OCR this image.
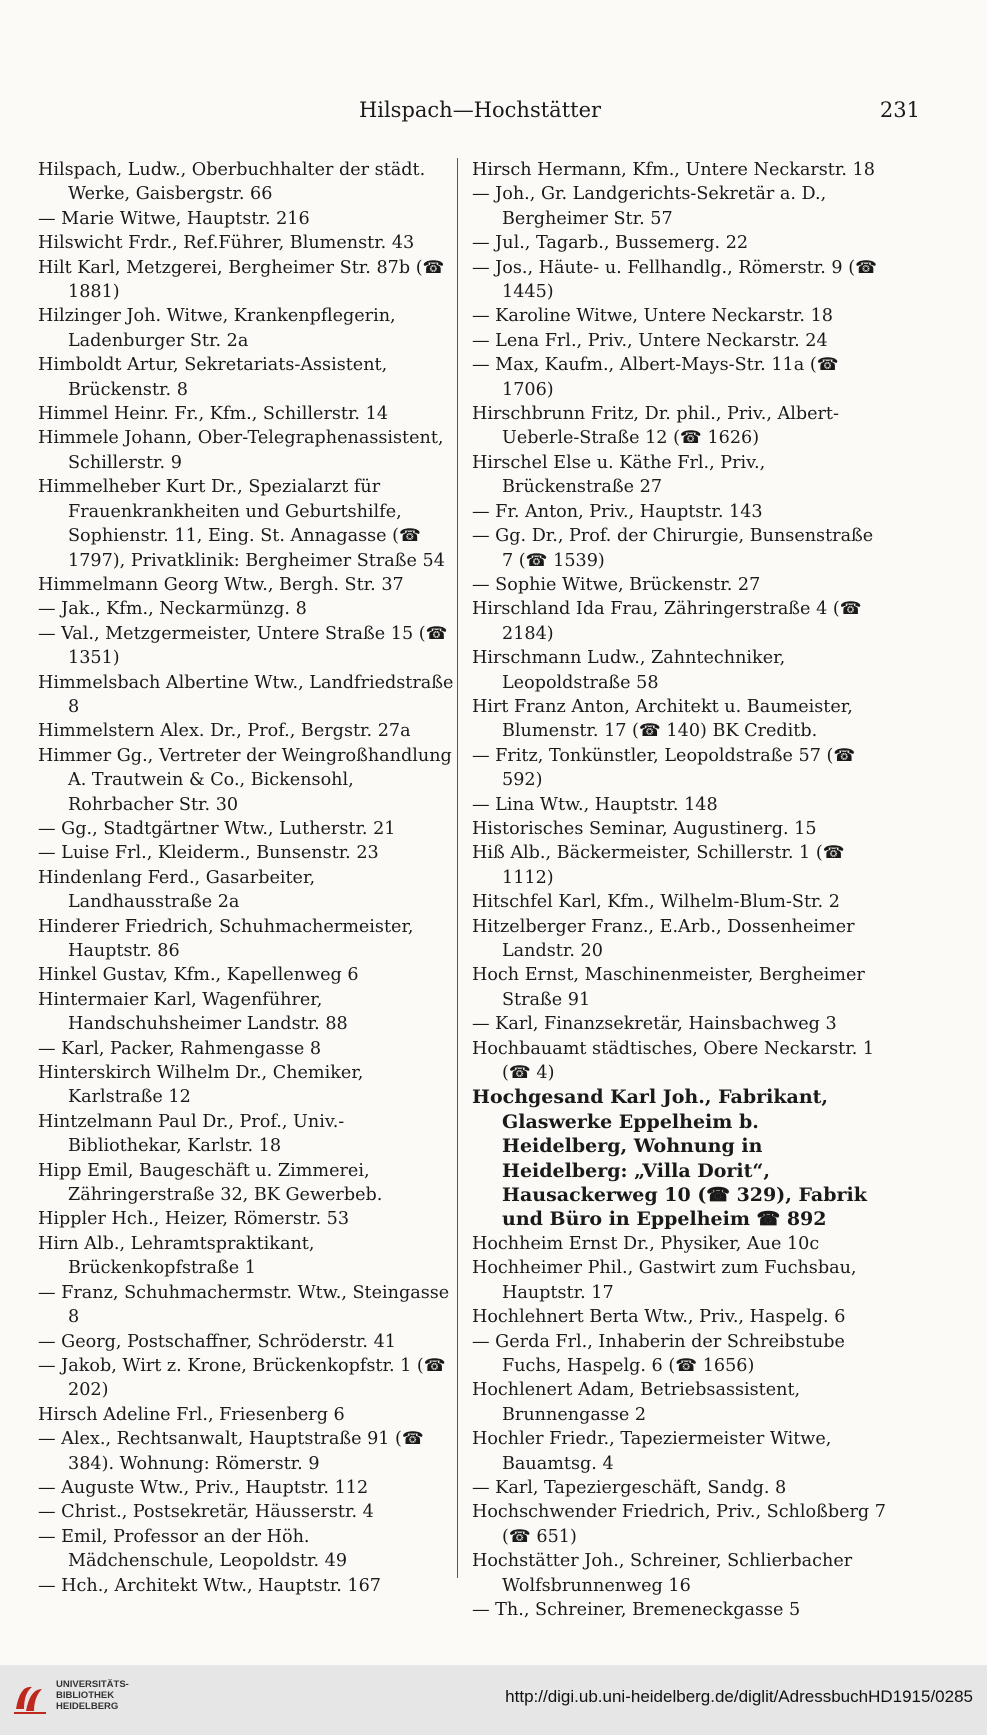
Hilspach—Hochstätter	231

Hilspach, Ludw., Oberbuchhalter der städt. Werke, Gaisbergstr. 66

— Marie Witwe, Hauptstr. 216

Hilswicht Frdr., Ref.Führer, Blumenstr. 43

Hilt Karl, Metzgerei, Bergheimer Str. 87b (☎ 1881)

Hilzinger Joh. Witwe, Krankenpflegerin, Ladenburger Str. 2a

Himboldt Artur, Sekretariats-Assistent, Brückenstr. 8

Himmel Heinr. Fr., Kfm., Schillerstr. 14

Himmele Johann, Ober-Telegraphenassistent, Schillerstr. 9

Himmelheber Kurt Dr., Spezialarzt für Frauenkrankheiten und Geburtshilfe, Sophienstr. 11, Eing. St. Annagasse (☎ 1797), Privatklinik: Bergheimer Straße 54

Himmelmann Georg Wtw., Bergh. Str. 37

— Jak., Kfm., Neckarmünzg. 8

— Val., Metzgermeister, Untere Straße 15 (☎ 1351)

Himmelsbach Albertine Wtw., Landfriedstraße 8

Himmelstern Alex. Dr., Prof., Bergstr. 27a

Himmer Gg., Vertreter der Weingroßhandlung A. Trautwein & Co., Bickensohl, Rohrbacher Str. 30

— Gg., Stadtgärtner Wtw., Lutherstr. 21

— Luise Frl., Kleiderm., Bunsenstr. 23

Hindenlang Ferd., Gasarbeiter, Landhausstraße 2a

Hinderer Friedrich, Schuhmachermeister, Hauptstr. 86

Hinkel Gustav, Kfm., Kapellenweg 6

Hintermaier Karl, Wagenführer, Handschuhsheimer Landstr. 88

— Karl, Packer, Rahmengasse 8

Hinterskirch Wilhelm Dr., Chemiker, Karlstraße 12

Hintzelmann Paul Dr., Prof., Univ.-Bibliothekar, Karlstr. 18

Hipp Emil, Baugeschäft u. Zimmerei, Zähringerstraße 32, BK Gewerbeb.

Hippler Hch., Heizer, Römerstr. 53

Hirn Alb., Lehramtspraktikant, Brückenkopfstraße 1

— Franz, Schuhmachermstr. Wtw., Steingasse 8

— Georg, Postschaffner, Schröderstr. 41

— Jakob, Wirt z. Krone, Brückenkopfstr. 1 (☎ 202)

Hirsch Adeline Frl., Friesenberg 6

— Alex., Rechtsanwalt, Hauptstraße 91 (☎ 384). Wohnung: Römerstr. 9

— Auguste Wtw., Priv., Hauptstr. 112

— Christ., Postsekretär, Häusserstr. 4

— Emil, Professor an der Höh. Mädchenschule, Leopoldstr. 49

— Hch., Architekt Wtw., Hauptstr. 167

Hirsch Hermann, Kfm., Untere Neckarstr. 18

— Joh., Gr. Landgerichts-Sekretär a. D., Bergheimer Str. 57

— Jul., Tagarb., Bussemerg. 22

— Jos., Häute- u. Fellhandlg., Römerstr. 9 (☎ 1445)

— Karoline Witwe, Untere Neckarstr. 18

— Lena Frl., Priv., Untere Neckarstr. 24

— Max, Kaufm., Albert-Mays-Str. 11a (☎ 1706)

Hirschbrunn Fritz, Dr. phil., Priv., Albert-Ueberle-Straße 12 (☎ 1626)

Hirschel Else u. Käthe Frl., Priv., Brückenstraße 27

— Fr. Anton, Priv., Hauptstr. 143

— Gg. Dr., Prof. der Chirurgie, Bunsenstraße 7 (☎ 1539)

— Sophie Witwe, Brückenstr. 27

Hirschland Ida Frau, Zähringerstraße 4 (☎ 2184)

Hirschmann Ludw., Zahntechniker, Leopoldstraße 58

Hirt Franz Anton, Architekt u. Baumeister, Blumenstr. 17 (☎ 140) BK Creditb.

— Fritz, Tonkünstler, Leopoldstraße 57 (☎ 592)

— Lina Wtw., Hauptstr. 148

Historisches Seminar, Augustinerg. 15

Hiß Alb., Bäckermeister, Schillerstr. 1 (☎ 1112)

Hitschfel Karl, Kfm., Wilhelm-Blum-Str. 2

Hitzelberger Franz., E.Arb., Dossenheimer Landstr. 20

Hoch Ernst, Maschinenmeister, Bergheimer Straße 91

— Karl, Finanzsekretär, Hainsbachweg 3

Hochbauamt städtisches, Obere Neckarstr. 1 (☎ 4)

Hochgesand Karl Joh., Fabrikant, Glaswerke Eppelheim b. Heidelberg, Wohnung in Heidelberg: „Villa Dorit“, Hausackerweg 10 (☎ 329), Fabrik und Büro in Eppelheim ☎ 892

Hochheim Ernst Dr., Physiker, Aue 10c

Hochheimer Phil., Gastwirt zum Fuchsbau, Hauptstr. 17

Hochlehnert Berta Wtw., Priv., Haspelg. 6

— Gerda Frl., Inhaberin der Schreibstube Fuchs, Haspelg. 6 (☎ 1656)

Hochlenert Adam, Betriebsassistent, Brunnengasse 2

Hochler Friedr., Tapeziermeister Witwe, Bauamtsg. 4

— Karl, Tapeziergeschäft, Sandg. 8

Hochschwender Friedrich, Priv., Schloßberg 7 (☎ 651)

Hochstätter Joh., Schreiner, Schlierbacher Wolfsbrunnenweg 16

— Th., Schreiner, Bremeneckgasse 5

UNIVERSITÄTS-
BIBLIOTHEK
HEIDELBERG
http://digi.ub.uni-heidelberg.de/diglit/AdressbuchHD1915/0285
